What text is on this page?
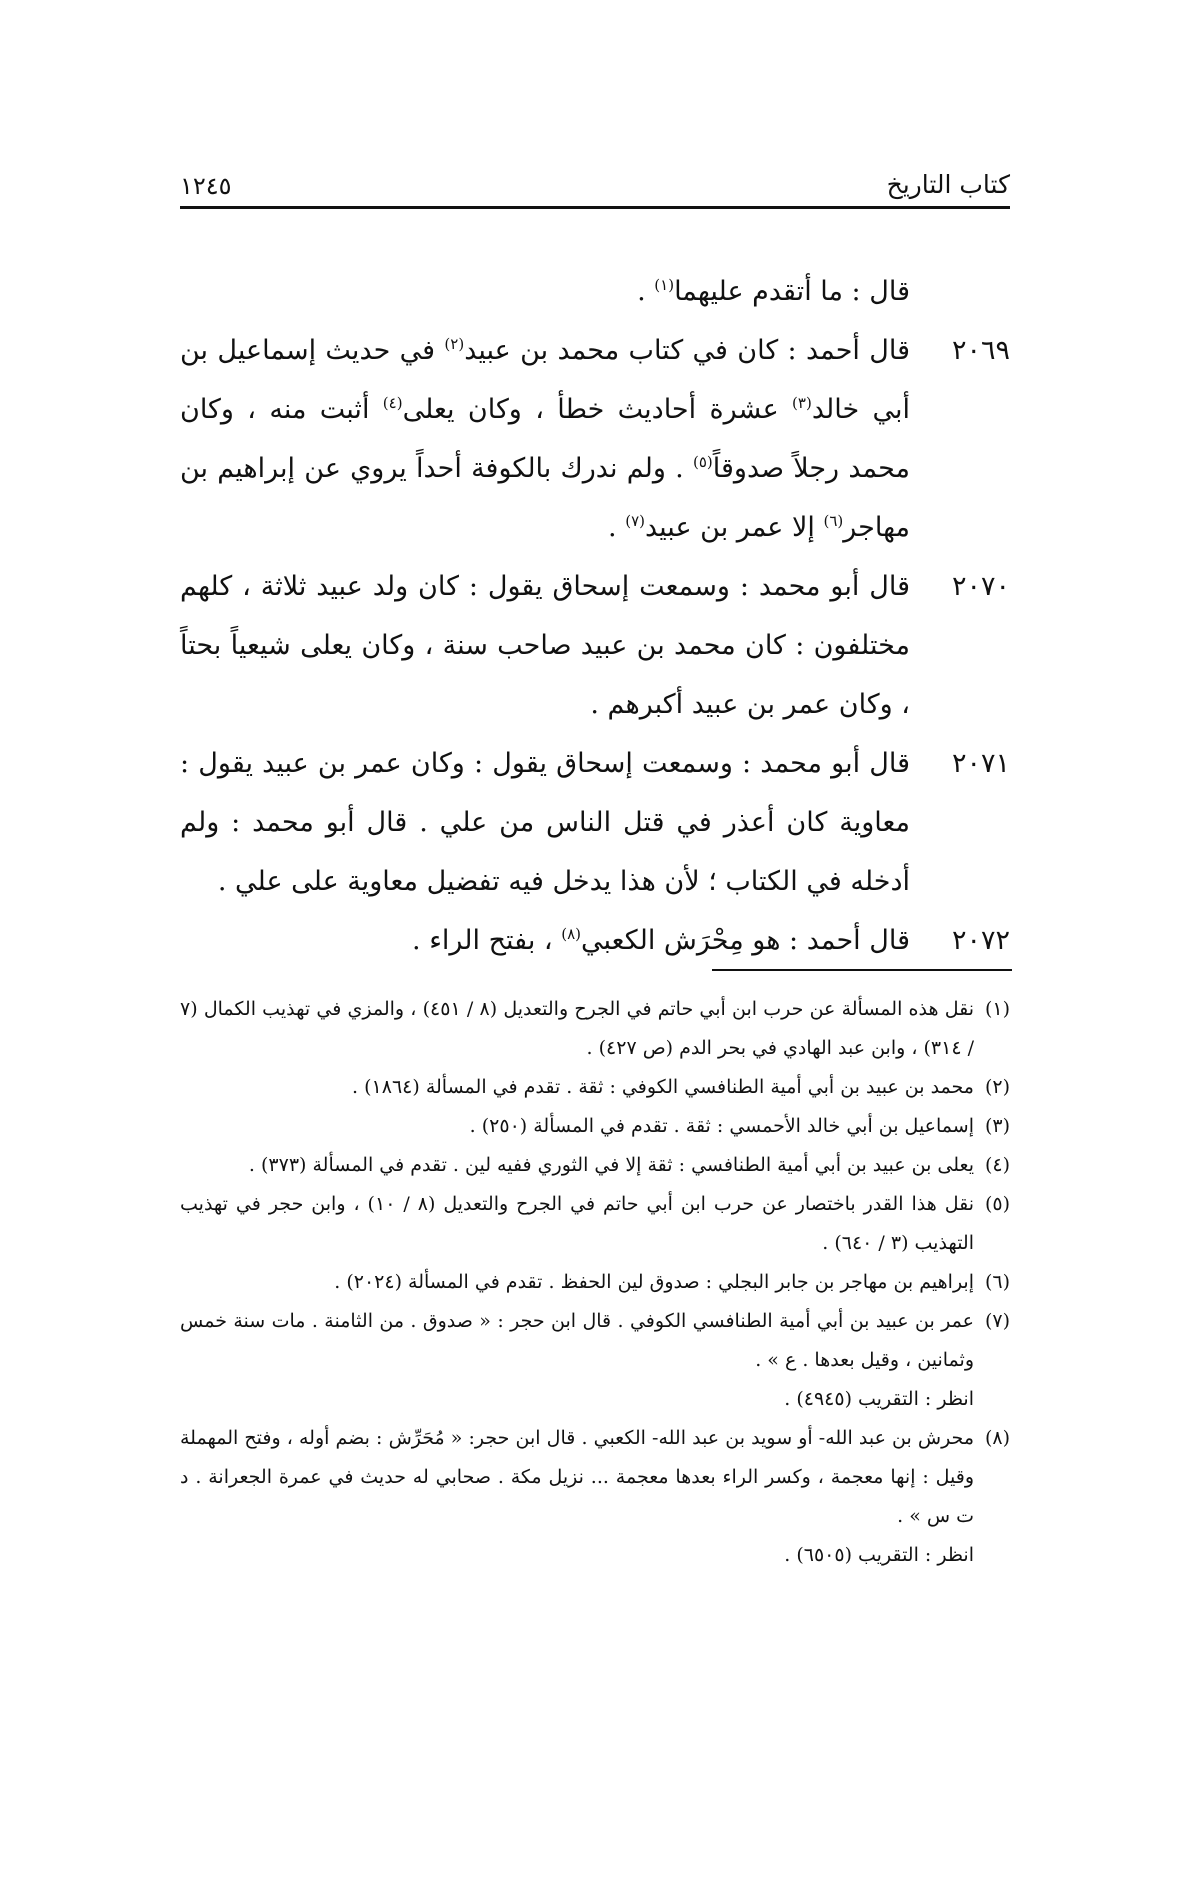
كتاب التاريخ
١٢٤٥
قال : ما أتقدم عليهما$^{(١)}$ .
٢٠٦٩
قال أحمد : كان في كتاب محمد بن عبيد$^{(٢)}$ في حديث إسماعيل بن أبي خالد$^{(٣)}$ عشرة أحاديث خطأ ، وكان يعلى$^{(٤)}$ أثبت منه ، وكان محمد رجلاً صدوقاً$^{(٥)}$ . ولم ندرك بالكوفة أحداً يروي عن إبراهيم بن مهاجر$^{(٦)}$ إلا عمر بن عبيد$^{(٧)}$ .
٢٠٧٠
قال أبو محمد : وسمعت إسحاق يقول : كان ولد عبيد ثلاثة ، كلهم مختلفون : كان محمد بن عبيد صاحب سنة ، وكان يعلى شيعياً بحتاً ، وكان عمر بن عبيد أكبرهم .
٢٠٧١
قال أبو محمد : وسمعت إسحاق يقول : وكان عمر بن عبيد يقول : معاوية كان أعذر في قتل الناس من علي . قال أبو محمد : ولم أدخله في الكتاب ؛ لأن هذا يدخل فيه تفضيل معاوية على علي .
٢٠٧٢
قال أحمد : هو مِحْرَش الكعبي$^{(٨)}$ ، بفتح الراء .
(١)
نقل هذه المسألة عن حرب ابن أبي حاتم في الجرح والتعديل (٨ / ٤٥١) ، والمزي في تهذيب الكمال (٧ / ٣١٤) ، وابن عبد الهادي في بحر الدم (ص ٤٢٧) .
(٢)
محمد بن عبيد بن أبي أمية الطنافسي الكوفي : ثقة . تقدم في المسألة (١٨٦٤) .
(٣)
إسماعيل بن أبي خالد الأحمسي : ثقة . تقدم في المسألة (٢٥٠) .
(٤)
يعلى بن عبيد بن أبي أمية الطنافسي : ثقة إلا في الثوري ففيه لين . تقدم في المسألة (٣٧٣) .
(٥)
نقل هذا القدر باختصار عن حرب ابن أبي حاتم في الجرح والتعديل (٨ / ١٠) ، وابن حجر في تهذيب التهذيب (٣ / ٦٤٠) .
(٦)
إبراهيم بن مهاجر بن جابر البجلي : صدوق لين الحفظ . تقدم في المسألة (٢٠٢٤) .
(٧)
عمر بن عبيد بن أبي أمية الطنافسي الكوفي . قال ابن حجر : « صدوق . من الثامنة . مات سنة خمس وثمانين ، وقيل بعدها . ع » .
انظر : التقريب (٤٩٤٥) .
(٨)
محرش بن عبد الله- أو سويد بن عبد الله- الكعبي . قال ابن حجر: « مُحَرِّش : بضم أوله ، وفتح المهملة وقيل : إنها معجمة ، وكسر الراء بعدها معجمة ... نزيل مكة . صحابي له حديث في عمرة الجعرانة . د ت س » .
انظر : التقريب (٦٥٠٥) .
